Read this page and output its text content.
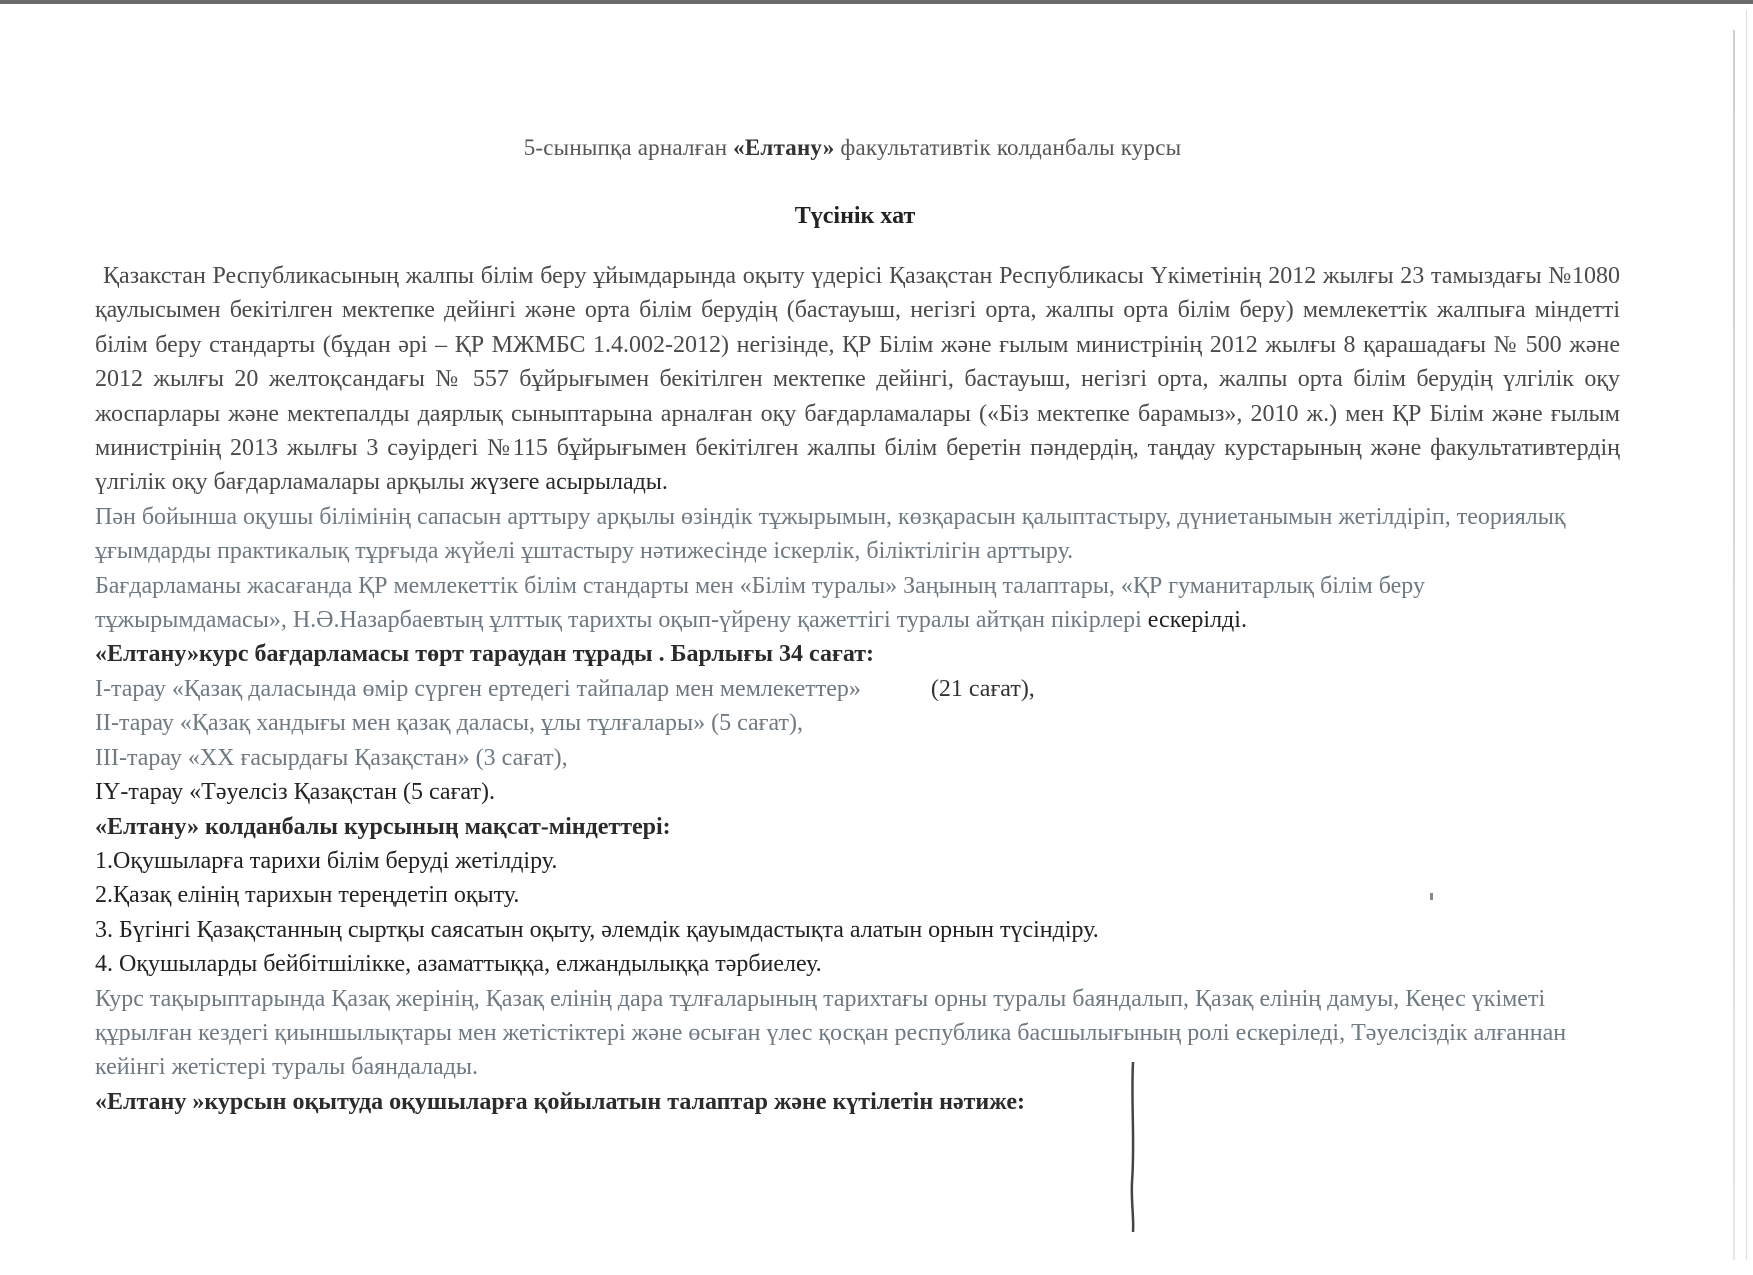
5-сыныпқа арналған «Елтану» факультативтік колданбалы курсы
Түсінік хат

Қазакстан Республикасының жалпы білім беру ұйымдарында оқыту үдерісі Қазақстан Республикасы Үкіметінің 2012 жылғы 23 тамыздағы №1080 қаулысымен бекітілген мектепке дейінгі және орта білім берудің (бастауыш, негізгі орта, жалпы орта білім беру) мемлекеттік жалпыға міндетті білім беру стандарты (бұдан әрі – ҚР МЖМБС 1.4.002-2012) негізінде, ҚР Білім және ғылым министрінің 2012 жылғы 8 қарашадағы № 500 және 2012 жылғы 20 желтоқсандағы № 557 бұйрығымен бекітілген мектепке дейінгі, бастауыш, негізгі орта, жалпы орта білім берудің үлгілік оқу жоспарлары және мектепалды даярлық сыныптарына арналған оқу бағдарламалары («Біз мектепке барамыз», 2010 ж.) мен ҚР Білім және ғылым министрінің 2013 жылғы 3 сәуірдегі №115 бұйрығымен бекітілген жалпы білім беретін пәндердің, таңдау курстарының және факультативтердің үлгілік оқу бағдарламалары арқылы жүзеге асырылады.

Пән бойынша оқушы білімінің сапасын арттыру арқылы өзіндік тұжырымын, көзқарасын қалыптастыру, дүниетанымын жетілдіріп, теориялық ұғымдарды практикалық тұрғыда жүйелі ұштастыру нәтижесінде іскерлік, біліктілігін арттыру.

Бағдарламаны жасағанда ҚР мемлекеттік білім стандарты мен «Білім туралы» Заңының талаптары, «ҚР гуманитарлық білім беру тұжырымдамасы», Н.Ә.Назарбаевтың ұлттық тарихты оқып-үйрену қажеттігі туралы айтқан пікірлері ескерілді.

«Елтану»курс бағдарламасы төрт тараудан тұрады . Барлығы 34 сағат:

І-тарау «Қазақ даласында өмір сүрген ертедегі тайпалар мен мемлекеттер»	(21 сағат),

ІІ-тарау «Қазақ хандығы мен қазақ даласы, ұлы тұлғалары» (5 сағат),

ІІІ-тарау «ХХ ғасырдағы Қазақстан» (3 сағат),

ІҮ-тарау «Тәуелсіз Қазақстан (5 сағат).

«Елтану» колданбалы курсының мақсат-міндеттері:

1.Оқушыларға тарихи білім беруді жетілдіру.

2.Қазақ елінің тарихын тереңдетіп оқыту.

3. Бүгінгі Қазақстанның сыртқы саясатын оқыту, әлемдік қауымдастықта алатын орнын түсіндіру.

4. Оқушыларды бейбітшілікке, азаматтыққа, елжандылыққа тәрбиелеу.

Курс тақырыптарында Қазақ жерінің, Қазақ елінің дара тұлғаларының тарихтағы орны туралы баяндалып, Қазақ елінің дамуы, Кеңес үкіметі құрылған кездегі қиыншылықтары мен жетістіктері және өсыған үлес қосқан республика басшылығының ролі ескеріледі, Тәуелсіздік алғаннан кейінгі жетістері туралы баяндалады.

«Елтану »курсын оқытуда оқушыларға қойылатын талаптар және күтілетін нәтиже:
